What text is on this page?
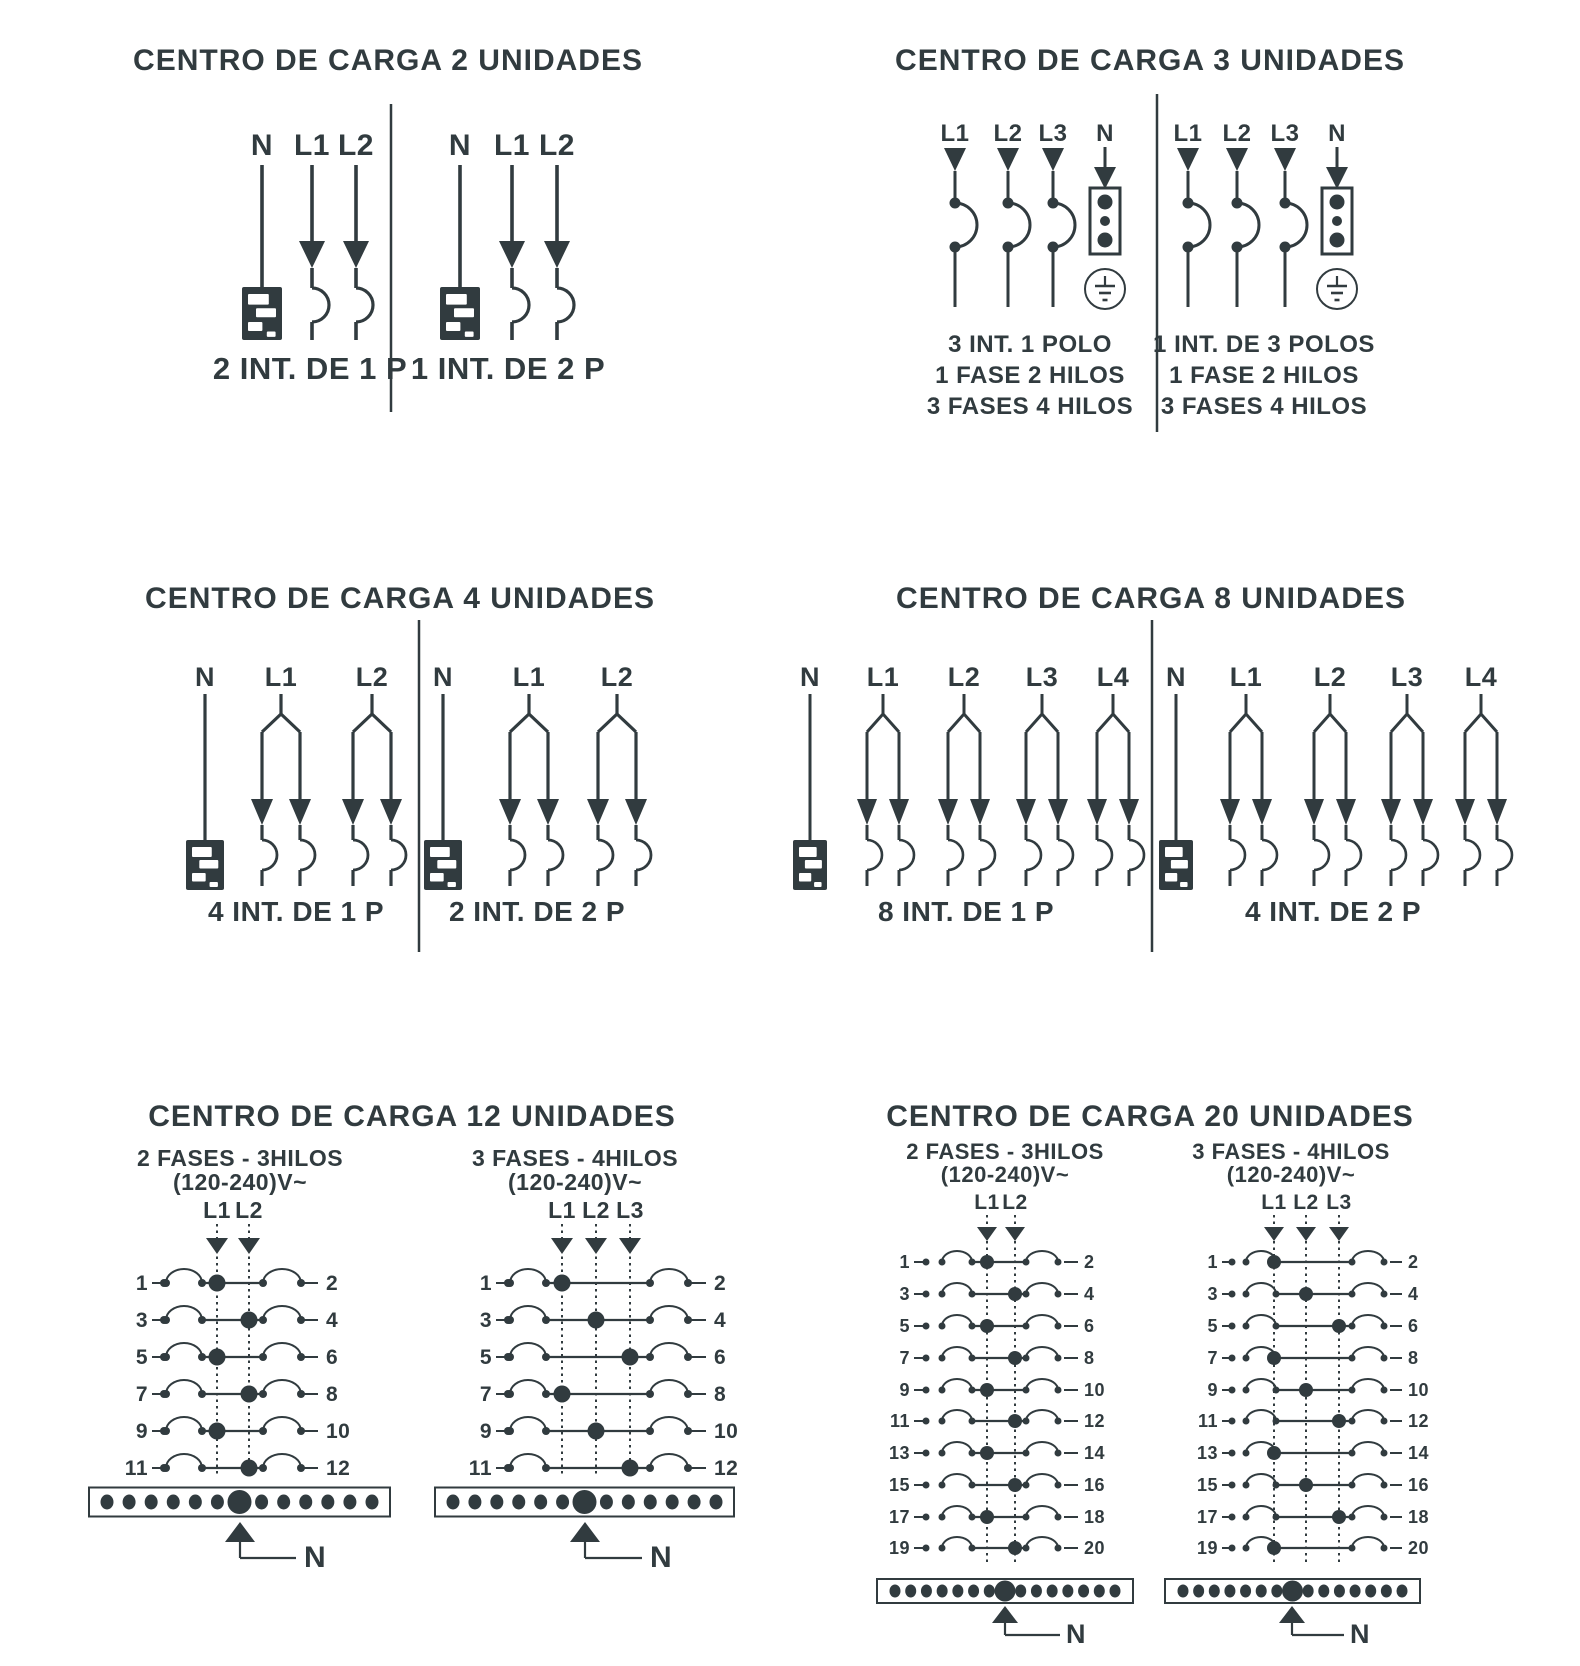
N L1 L2 N L1 L2	L1 L2 L3 N L1 L2 L3 N
N L1 L2 N L1 L2	N L1 L2 L3 L4 N L1 L2 L3 L4
L1 L2
1	2
3	4
5	6
7	8
9	10
11	12
L1 L2 L3
1	2
3	4
5	6
7	8
9	10
11	12
L1 L2
1	2
3	4
5	6
7	8
9	10
11	12
13	14
15	16
17	18
19	20
L1 L2 L3
1	2
3	4
5	6
7	8
9	10
11	12
13	14
15	16
17	18
19	20
CENTRO DE CARGA 2 UNIDADES	CENTRO DE CARGA 3 UNIDADES
CENTRO DE CARGA 4 UNIDADES	CENTRO DE CARGA 8 UNIDADES
CENTRO DE CARGA 12 UNIDADES	CENTRO DE CARGA 20 UNIDADES
2 INT. DE 1 P 1 INT. DE 2 P
3 INT. 1 POLO
1 FASE 2 HILOS
3 FASES 4 HILOS
1 INT. DE 3 POLOS
1 FASE 2 HILOS
3 FASES 4 HILOS
4 INT. DE 1 P 2 INT. DE 2 P	8 INT. DE 1 P	4 INT. DE 2 P
2 FASES - 3HILOS
(120-240)V~
3 FASES - 4HILOS
(120-240)V~
2 FASES - 3HILOS
(120-240)V~
3 FASES - 4HILOS
(120-240)V~
N	N
N	N
